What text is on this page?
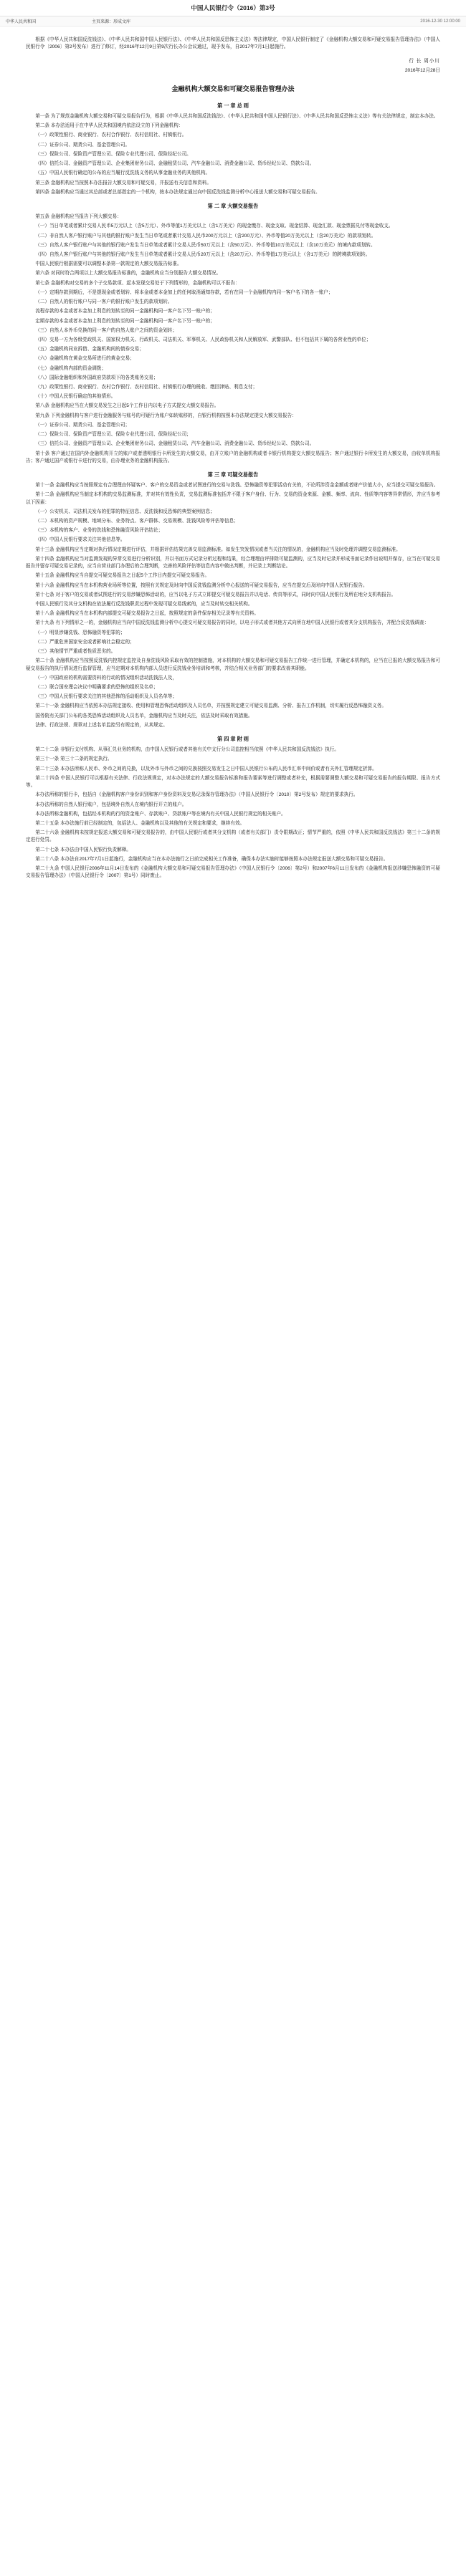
中国人民银行令（2016）第3号
中华人民共和国	主页来源：形成文库	2016-12-30 12:00:00

根据《中华人民共和国反洗钱法》、《中华人民共和国中国人民银行法》、《中华人民共和国反恐怖主义法》等法律规定，中国人民银行制定了《金融机构大额交易和可疑交易报告管理办法》（中国人民银行令〔2006〕第2号发布）进行了修订，经2016年12月9日第9次行长办公会议通过，现予发布，自2017年7月1日起施行。

行 长 周小川

2016年12月28日

金融机构大额交易和可疑交易报告管理办法

第 一 章 总 则

第一条 为了规范金融机构大额交易和可疑交易报告行为，根据《中华人民共和国反洗钱法》、《中华人民共和国中国人民银行法》、《中华人民共和国反恐怖主义法》等有关法律规定，制定本办法。

第二条 本办法适用于在中华人民共和国境内依法设立的下列金融机构：

（一）政策性银行、商业银行、农村合作银行、农村信用社、村镇银行。

（二）证券公司、期货公司、基金管理公司。

（三）保险公司、保险资产管理公司、保险专业代理公司、保险经纪公司。

（四）信托公司、金融资产管理公司、企业集团财务公司、金融租赁公司、汽车金融公司、消费金融公司、货币经纪公司、贷款公司。

（五）中国人民银行确定的公布的应当履行反洗钱义务的从事金融业务的其他机构。

第三条 金融机构应当按照本办法报告大额交易和可疑交易，并报送有关信息和资料。

第四条 金融机构应当通过其总部或者总部指定的一个机构，按本办法规定通过向中国反洗钱监测分析中心报送大额交易和可疑交易报告。

第 二 章 大额交易报告

第五条 金融机构应当报告下列大额交易：

（一）当日单笔或者累计交易人民币5万元以上（含5万元）、外币等值1万美元以上（含1万美元）的现金缴存、现金支取、现金结算、现金汇款、现金票据兑付等现金收支。

（二）非自然人客户银行账户与其他的银行账户发生当日单笔或者累计交易人民币200万元以上（含200万元）、外币等值20万美元以上（含20万美元）的款项划转。

（三）自然人客户银行账户与其他的银行账户发生当日单笔或者累计交易人民币50万元以上（含50万元）、外币等值10万美元以上（含10万美元）的境内款项划转。

（四）自然人客户银行账户与其他的银行账户发生当日单笔或者累计交易人民币20万元以上（含20万元）、外币等值1万美元以上（含1万美元）的跨境款项划转。

中国人民银行根据需要可以调整本条第一款规定的大额交易报告标准。

第六条 对同时符合两项以上大额交易报告标准的，金融机构应当分别报告大额交易情况。

第七条 金融机构对交易的多个子交易款项、起本发现交易处于下列情形的，金融机构可以不报告：

（一）定期存款到期后，不是提现金或者划转、将本金或者本金加上的任何取消通知存款，若有在同一个金融机构内同一客户名下的各一账户；

（二）自然人的银行账户与同一客户的银行账户发生的款项划转。

流程存款的本金或者本金加上利息的划转至的同一金融机构同一客户名下另一账户的；

定期存款的本金或者本金加上利息的划转至的同一金融机构同一客户名下另一账户的；

（三）自然人本外币兑换的同一客户的自然人账户之间的资金划转；

（四）交易一方为各级党政机关、国家权力机关、行政机关、司法机关、军事机关、人民政协机关和人民解放军、武警部队、但不包括其下属的各营业性的单位；

（五）金融机构同业拆借、金融机构间的债券交易；

（六）金融机构在黄金交易所进行的黄金交易；

（七）金融机构内部的资金调拨；

（八）国际金融组织和外国政府贷款项下的各类账务交易；

（九）政策性银行、商业银行、农村合作银行、农村信用社、村镇银行办理的税收、缴回津贴、利息支付；

（十）中国人民银行确定的其他情形。

第八条 金融机构应当在大额交易发生之日起5个工作日内以电子方式提交大额交易报告。

第九条 下列金融机构与客户进行金融服务与账号的可疑行为账户如转账移的，自银行机构按照本办法规定提交大额交易报告：

（一）证券公司、期货公司、基金管理公司；

（二）保险公司、保险资产管理公司、保险专业代理公司、保险经纪公司；

（三）信托公司、金融资产管理公司、企业集团财务公司、金融租赁公司、汽车金融公司、消费金融公司、货币经纪公司、贷款公司。

第十条 客户通过在国内外金融机构开立的账户或者透明银行卡所发生的大额交易，由开立账户的金融机构或者卡银行机构提交大额交易报告；客户通过银行卡所发生的大额交易，由收单机构报告；客户通过国产或银行卡进行的交易，由办理业务的金融机构报告。

第 三 章 可疑交易报告

第十一条 金融机构应当按照规定有合理理由怀疑客户、客户的交易资金或者试图进行的交易与洗钱、恐怖融资等犯罪活动有关的，不论所涉资金金额或者财产价值大小，应当提交可疑交易报告。

第十二条 金融机构应当制定本机构的交易监测标准，并对其有效性负责，交易监测标准包括并不限于客户身份、行为、交易的资金来源、金额、频率、流向、性质等内容等异常情形，并应当参考以下因素：

（一）公安机关、司法机关发布的犯罪的特征信息、反洗钱和反恐怖的典型案例信息；

（二）本机构的资产规模、地域分布、业务特点、客户群体、交易规模、洗钱风险等评估等信息；

（三）本机构的客户、业务的洗钱和恐怖融资风险评估结论；

（四）中国人民银行要求关注其他信息等。

第十三条 金融机构应当定期对执行情况定期进行评估，并根据评估结果完善交易监测标准。如发生突发情况或者当关注的情况的，金融机构应当及时处理并调整交易监测标准。

第十四条 金融机构应当对监测发现的异常交易进行分析识别，并以书面方式记录分析过程和结果，经合理理由评排除可疑监测的，应当及时记录并形成书面记录作出说明并保存，应当在可疑交易报告并留存可疑交易记录的，应当自营业部门办理后的合理判断，完善的风险评估等信息内容中做出判断，并记录上判断结论。

第十五条 金融机构应当自提交可疑交易报告之日起5个工作日内提交可疑交易报告。

第十六条 金融机构应当在本机构营业场所等位置，按照有关规定及时向中国反洗钱监测分析中心报送的可疑交易报告，应当在提交后及时向中国人民银行报告。

第十七条 对于客户的交易或者试图进行的交易涉嫌恐怖活动的，应当以电子方式立即提交可疑交易报告并以电话、传真等形式，同时向中国人民银行及所在地分支机构报告。

中国人民银行及其分支机构在依法履行反洗钱职责过程中发现可疑交易线索的，应当及时转交相关机构。

第十八条 金融机构应当在本机构内部提交可疑交易报告之日起，按照规定的条件保存相关记录等有关资料。

第十九条 有下列情形之一的，金融机构应当向中国反洗钱监测分析中心提交可疑交易报告的同时，以电子形式或者其他方式向所在地中国人民银行或者其分支机构报告，并配合反洗钱调查：

（一）明显涉嫌洗钱、恐怖融资等犯罪的；

（二）严重危害国家安全或者影响社会稳定的；

（三）其他情节严重或者性质恶劣的。

第二十条 金融机构应当按照反洗钱内控规定监控及自身洗钱风险采取有效的控制措施，对本机构的大额交易和可疑交易报告工作统一进行管理，并确定本机构的，应当在已报的大额交易报告和可疑交易报告的执行情况进行监督管理，应当定期对本机构内部人员进行反洗钱业务培训和考核，并结合相关业务部门的要求改善其职能。

（一）中国政府的机构需要资料的行动的情况组织活动洗钱法人及，

（二）联合国安理会决议中明确要求的恐怖的组织及名单；

（三）中国人民银行要求关注的其他恐怖的活动组织及人员名单等；

第二十一条 金融机构应当依照本办法规定接收、使用和管理恐怖活动组织及人员名单，并按照规定建立可疑交易监测、分析、报告工作机制，切实履行反恐怖融资义务。

国务院有关部门公布的各类恐怖活动组织及人员名单，金融机构应当及时关注，依法及时采取有效措施。

法律、行政法规、规章对上述名单监控另有规定的，从其规定。

第 四 章 附 则

第二十二条 非银行支付机构、从事汇兑业务的机构，由中国人民银行或者其他有关中支行分公司监控相当依照《中华人民共和国反洗钱法》执行。

第三十一条 第三十二条的规定执行。

第二十三条 本办法所称人民币、外币之间的兑换，以及外币与外币之间的兑换按照交易发生之日中国人民银行公布的人民币汇率中间价或者有关外汇管理规定折算。

第二十四条 中国人民银行可以根据有关法律、行政法规规定，对本办法规定的大额交易报告标准和报告要素等进行调整或者补充，根据需要调整大额交易和可疑交易报告的报告期限、报告方式等。

本办法所称的银行卡，包括自《金融机构客户身份识别和客户身份资料及交易记录保存管理办法》（中国人民银行令〔2010〕第2号发布）规定的要求执行。

本办法所称的自然人银行账户，包括境外自然人在境内银行开立的账户。

本办法所称金融机构，包括经本机构的行的资金账户、存款账户、贷款账户等在境内有关中国人民银行规定的相关账户。

第二十五条 本办法施行前已经制定的，包括法人、金融机构以及其他的有关规定和要求，继续有效。

第二十六条 金融机构未按规定报送大额交易和可疑交易报告的，由中国人民银行或者其分支机构（或者有关部门）责令限期改正；情节严重的，依照《中华人民共和国反洗钱法》第三十二条的规定进行处罚。

第二十七条 本办法由中国人民银行负责解释。

第二十八条 本办法自2017年7月1日起施行，金融机构应当在本办法施行之日前完成相关工作准备，确保本办法实施时能够按照本办法规定报送大额交易和可疑交易报告。

第二十九条 中国人民银行2006年11月14日发布的《金融机构大额交易和可疑交易报告管理办法》（中国人民银行令〔2006〕第2号）和2007年6月11日发布的《金融机构报送涉嫌恐怖融资的可疑交易报告管理办法》（中国人民银行令〔2007〕第1号）同时废止。
